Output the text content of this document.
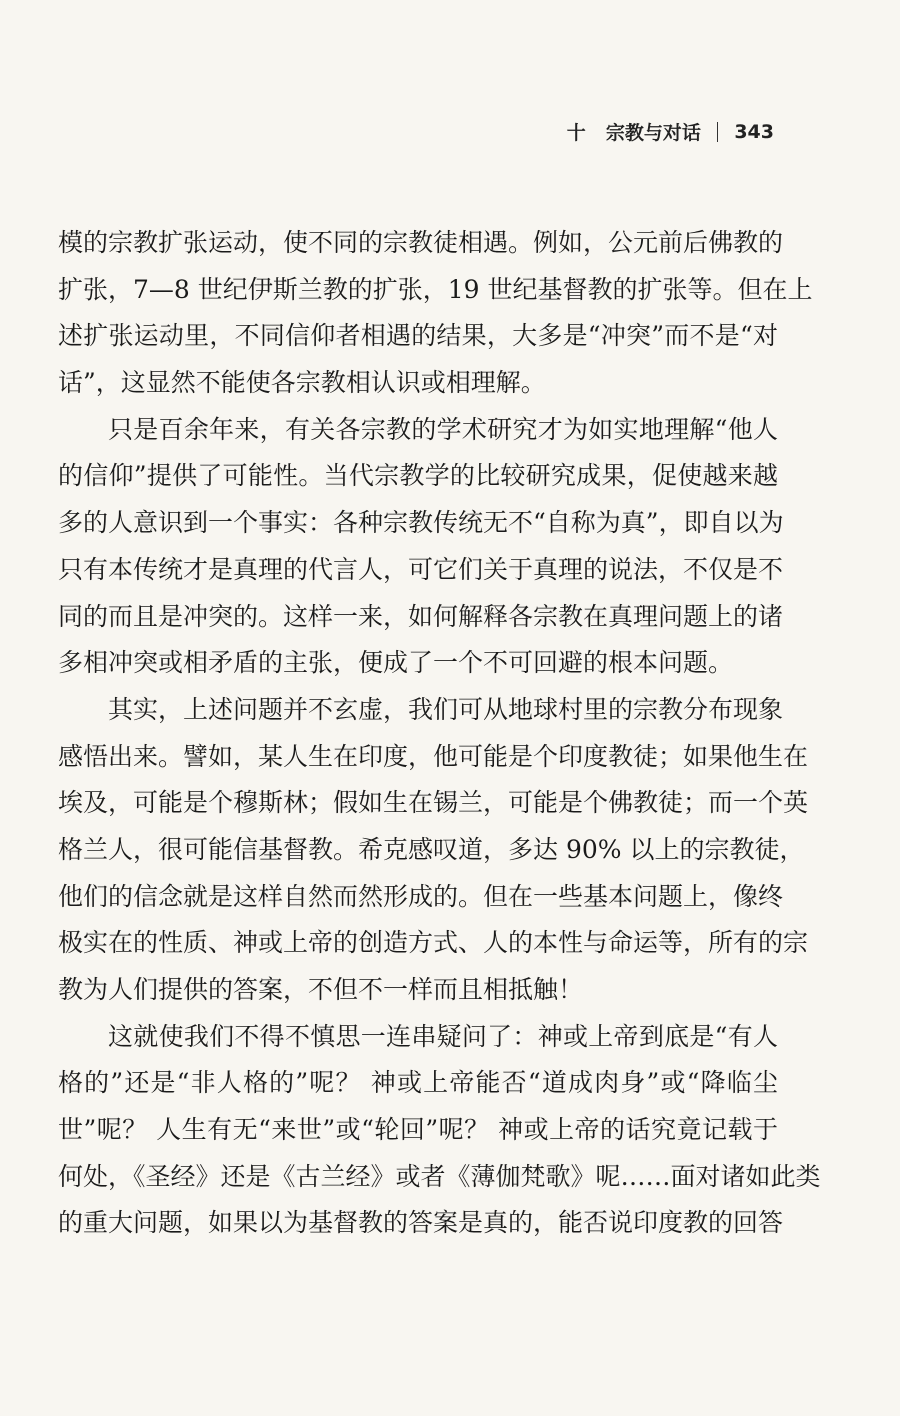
十 宗教与对话 343
模的宗教扩张运动，使不同的宗教徒相遇。例如，公元前后佛教的
扩张，7—8 世纪伊斯兰教的扩张，19 世纪基督教的扩张等。但在上
述扩张运动里，不同信仰者相遇的结果，大多是“冲突”而不是“对
话”，这显然不能使各宗教相认识或相理解。
只是百余年来，有关各宗教的学术研究才为如实地理解“他人
的信仰”提供了可能性。当代宗教学的比较研究成果，促使越来越
多的人意识到一个事实：各种宗教传统无不“自称为真”，即自以为
只有本传统才是真理的代言人，可它们关于真理的说法，不仅是不
同的而且是冲突的。这样一来，如何解释各宗教在真理问题上的诸
多相冲突或相矛盾的主张，便成了一个不可回避的根本问题。
其实，上述问题并不玄虚，我们可从地球村里的宗教分布现象
感悟出来。譬如，某人生在印度，他可能是个印度教徒；如果他生在
埃及，可能是个穆斯林；假如生在锡兰，可能是个佛教徒；而一个英
格兰人，很可能信基督教。希克感叹道，多达 90% 以上的宗教徒，
他们的信念就是这样自然而然形成的。但在一些基本问题上，像终
极实在的性质、神或上帝的创造方式、人的本性与命运等，所有的宗
教为人们提供的答案，不但不一样而且相抵触！
这就使我们不得不慎思一连串疑问了：神或上帝到底是“有人
格的”还是“非人格的”呢？ 神或上帝能否“道成肉身”或“降临尘
世”呢？ 人生有无“来世”或“轮回”呢？ 神或上帝的话究竟记载于
何处，《圣经》还是《古兰经》或者《薄伽梵歌》呢……面对诸如此类
的重大问题，如果以为基督教的答案是真的，能否说印度教的回答
